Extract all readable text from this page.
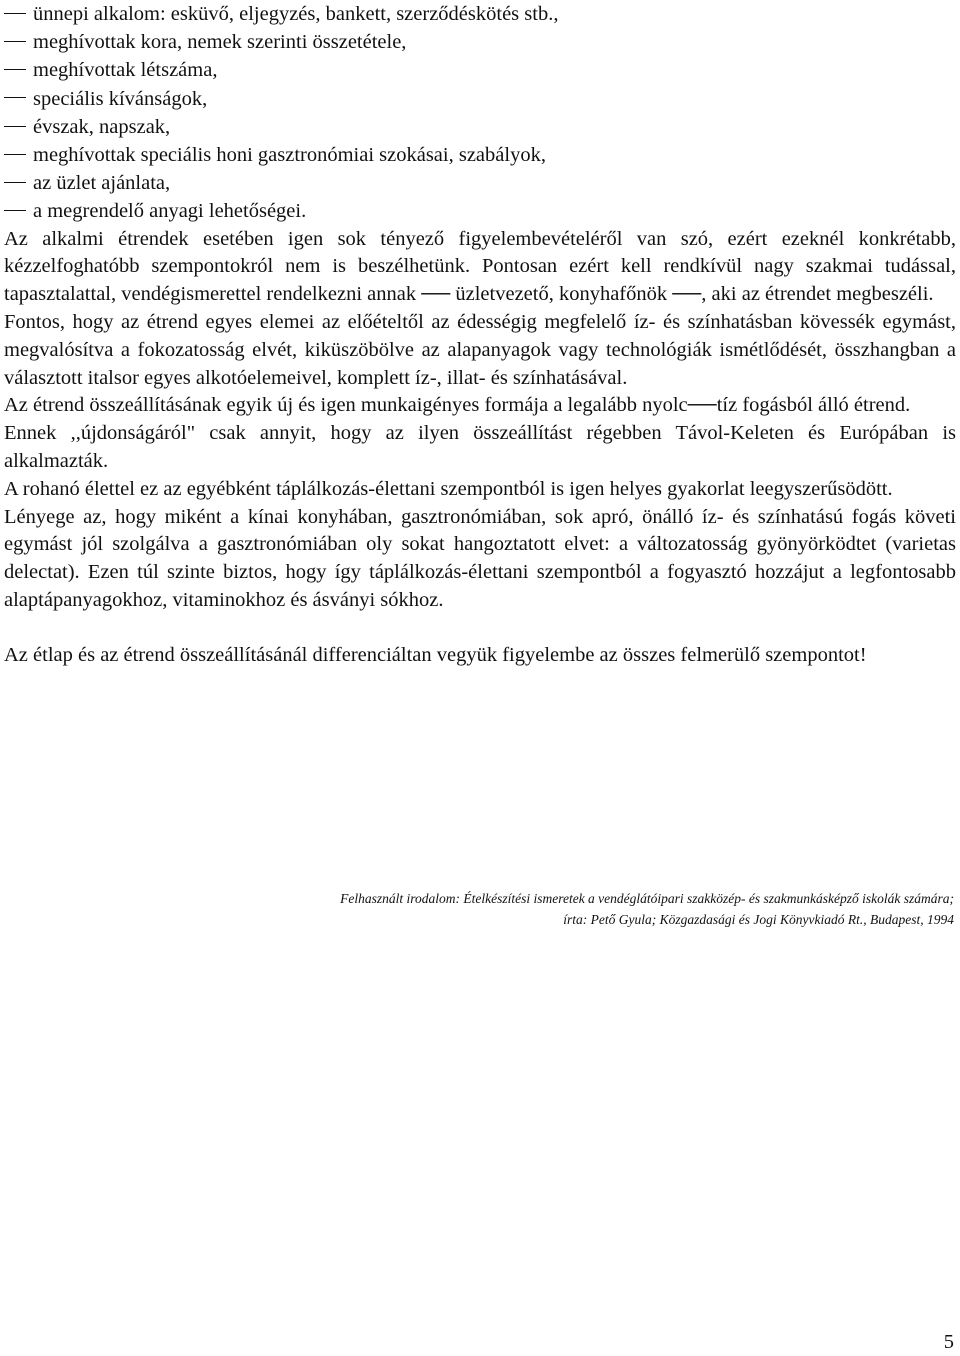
ünnepi alkalom: esküvő, eljegyzés, bankett, szerződéskötés stb.,
meghívottak kora, nemek szerinti összetétele,
meghívottak létszáma,
speciális kívánságok,
évszak, napszak,
meghívottak speciális honi gasztronómiai szokásai, szabályok,
az üzlet ajánlata,
a megrendelő anyagi lehetőségei.

Az alkalmi étrendek esetében igen sok tényező figyelembevételéről van szó, ezért ezeknél konkrétabb, kézzelfoghatóbb szempontokról nem is beszélhetünk. Pontosan ezért kell rendkívül nagy szakmai tudással, tapasztalattal, vendégismerettel rendelkezni annak ── üzletvezető, konyhafőnök ──, aki az étrendet megbeszéli.

Fontos, hogy az étrend egyes elemei az előételtől az édességig megfelelő íz- és színhatásban kövessék egymást, megvalósítva a fokozatosság elvét, kiküszöbölve az alapanyagok vagy technológiák ismétlődését, összhangban a választott italsor egyes alkotóelemeivel, komplett íz-, illat- és színhatásával.

Az étrend összeállításának egyik új és igen munkaigényes formája a legalább nyolc──tíz fogásból álló étrend.

Ennek ,,újdonságáról" csak annyit, hogy az ilyen összeállítást régebben Távol-Keleten és Európában is alkalmazták.

A rohanó élettel ez az egyébként táplálkozás-élettani szempontból is igen helyes gyakorlat leegyszerűsödött.

Lényege az, hogy miként a kínai konyhában, gasztronómiában, sok apró, önálló íz- és színhatású fogás követi egymást jól szolgálva a gasztronómiában oly sokat hangoztatott elvet: a változatosság gyönyörködtet (varietas delectat). Ezen túl szinte biztos, hogy így táplálkozás-élettani szempontból a fogyasztó hozzájut a legfontosabb alaptápanyagokhoz, vitaminokhoz és ásványi sókhoz.

Az étlap és az étrend összeállításánál differenciáltan vegyük figyelembe az összes felmerülő szempontot!

Felhasznált irodalom: Ételkészítési ismeretek a vendéglátóipari szakközép- és szakmunkásképző iskolák számára; írta: Pető Gyula; Közgazdasági és Jogi Könyvkiadó Rt., Budapest, 1994
5
